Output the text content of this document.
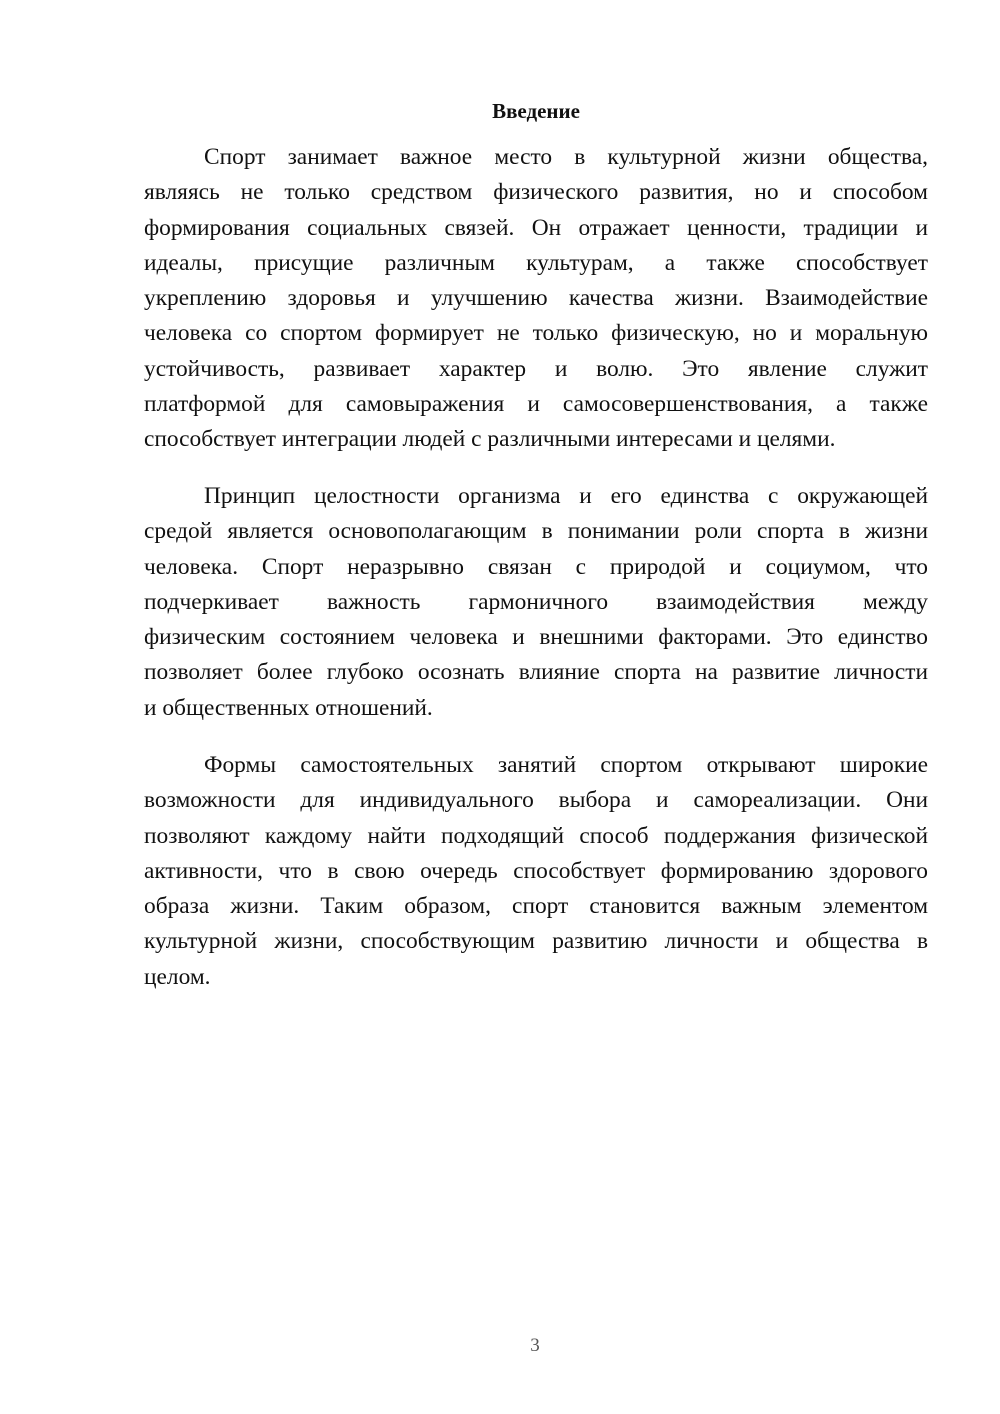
Введение

Спорт занимает важное место в культурной жизни общества,
являясь не только средством физического развития, но и способом
формирования социальных связей. Он отражает ценности, традиции и
идеалы, присущие различным культурам, а также способствует
укреплению здоровья и улучшению качества жизни. Взаимодействие
человека со спортом формирует не только физическую, но и моральную
устойчивость, развивает характер и волю. Это явление служит
платформой для самовыражения и самосовершенствования, а также
способствует интеграции людей с различными интересами и целями.

Принцип целостности организма и его единства с окружающей
средой является основополагающим в понимании роли спорта в жизни
человека. Спорт неразрывно связан с природой и социумом, что
подчеркивает важность гармоничного взаимодействия между
физическим состоянием человека и внешними факторами. Это единство
позволяет более глубоко осознать влияние спорта на развитие личности
и общественных отношений.

Формы самостоятельных занятий спортом открывают широкие
возможности для индивидуального выбора и самореализации. Они
позволяют каждому найти подходящий способ поддержания физической
активности, что в свою очередь способствует формированию здорового
образа жизни. Таким образом, спорт становится важным элементом
культурной жизни, способствующим развитию личности и общества в
целом.

3
